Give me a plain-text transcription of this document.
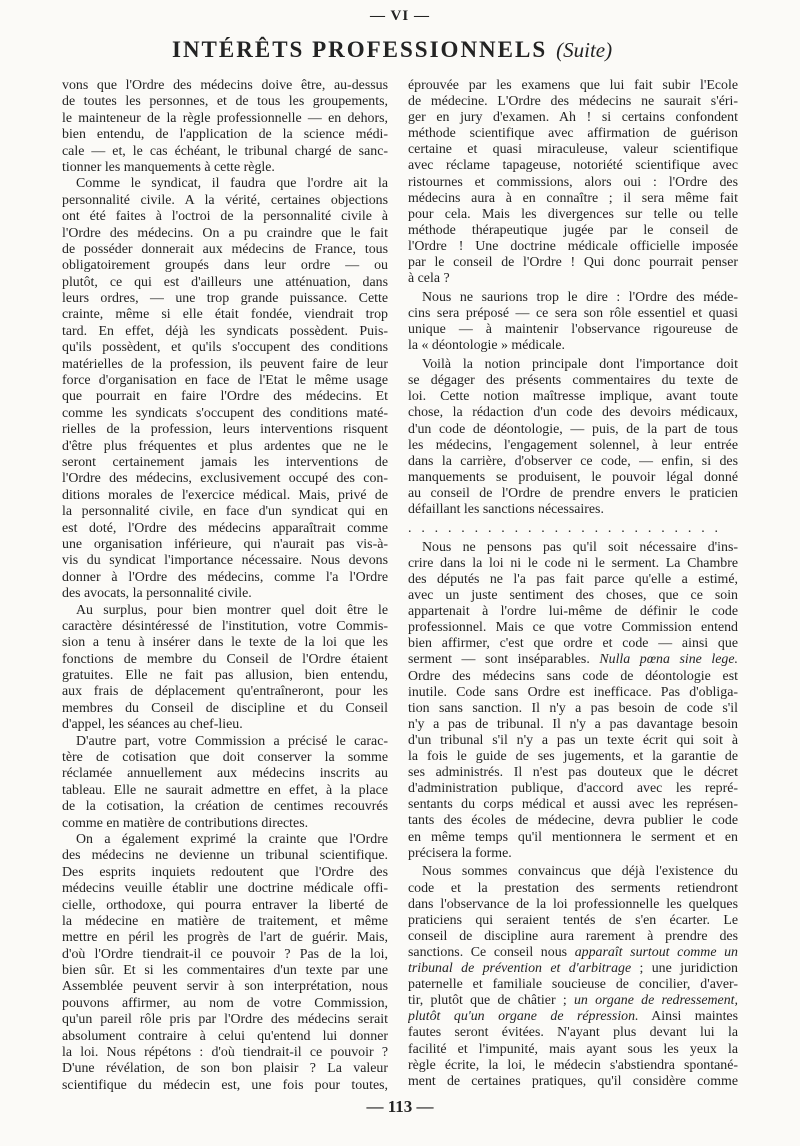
— VI —
INTÉRÊTS PROFESSIONNELS (Suite)
vons que l'Ordre des médecins doive être, au-dessus
de toutes les personnes, et de tous les groupements,
le mainteneur de la règle professionnelle — en dehors,
bien entendu, de l'application de la science médi-
cale — et, le cas échéant, le tribunal chargé de sanc-
tionner les manquements à cette règle.
Comme le syndicat, il faudra que l'ordre ait la
personnalité civile. A la vérité, certaines objections
ont été faites à l'octroi de la personnalité civile à
l'Ordre des médecins. On a pu craindre que le fait
de posséder donnerait aux médecins de France, tous
obligatoirement groupés dans leur ordre — ou
plutôt, ce qui est d'ailleurs une atténuation, dans
leurs ordres, — une trop grande puissance. Cette
crainte, même si elle était fondée, viendrait trop
tard. En effet, déjà les syndicats possèdent. Puis-
qu'ils possèdent, et qu'ils s'occupent des conditions
matérielles de la profession, ils peuvent faire de leur
force d'organisation en face de l'Etat le même usage
que pourrait en faire l'Ordre des médecins. Et
comme les syndicats s'occupent des conditions maté-
rielles de la profession, leurs interventions risquent
d'être plus fréquentes et plus ardentes que ne le
seront certainement jamais les interventions de
l'Ordre des médecins, exclusivement occupé des con-
ditions morales de l'exercice médical. Mais, privé de
la personnalité civile, en face d'un syndicat qui en
est doté, l'Ordre des médecins apparaîtrait comme
une organisation inférieure, qui n'aurait pas vis-à-
vis du syndicat l'importance nécessaire. Nous devons
donner à l'Ordre des médecins, comme l'a l'Ordre
des avocats, la personnalité civile.
Au surplus, pour bien montrer quel doit être le
caractère désintéressé de l'institution, votre Commis-
sion a tenu à insérer dans le texte de la loi que les
fonctions de membre du Conseil de l'Ordre étaient
gratuites. Elle ne fait pas allusion, bien entendu,
aux frais de déplacement qu'entraîneront, pour les
membres du Conseil de discipline et du Conseil
d'appel, les séances au chef-lieu.
D'autre part, votre Commission a précisé le carac-
tère de cotisation que doit conserver la somme
réclamée annuellement aux médecins inscrits au
tableau. Elle ne saurait admettre en effet, à la place
de la cotisation, la création de centimes recouvrés
comme en matière de contributions directes.
On a également exprimé la crainte que l'Ordre
des médecins ne devienne un tribunal scientifique.
Des esprits inquiets redoutent que l'Ordre des
médecins veuille établir une doctrine médicale offi-
cielle, orthodoxe, qui pourra entraver la liberté de
la médecine en matière de traitement, et même
mettre en péril les progrès de l'art de guérir. Mais,
d'où l'Ordre tiendrait-il ce pouvoir ? Pas de la loi,
bien sûr. Et si les commentaires d'un texte par une
Assemblée peuvent servir à son interprétation, nous
pouvons affirmer, au nom de votre Commission,
qu'un pareil rôle pris par l'Ordre des médecins serait
absolument contraire à celui qu'entend lui donner
la loi. Nous répétons : d'où tiendrait-il ce pouvoir ?
D'une révélation, de son bon plaisir ? La valeur
scientifique du médecin est, une fois pour toutes,
éprouvée par les examens que lui fait subir l'Ecole
de médecine. L'Ordre des médecins ne saurait s'éri-
ger en jury d'examen. Ah ! si certains confondent
méthode scientifique avec affirmation de guérison
certaine et quasi miraculeuse, valeur scientifique
avec réclame tapageuse, notoriété scientifique avec
ristournes et commissions, alors oui : l'Ordre des
médecins aura à en connaître ; il sera même fait
pour cela. Mais les divergences sur telle ou telle
méthode thérapeutique jugée par le conseil de
l'Ordre ! Une doctrine médicale officielle imposée
par le conseil de l'Ordre ! Qui donc pourrait penser
à cela ?
Nous ne saurions trop le dire : l'Ordre des méde-
cins sera préposé — ce sera son rôle essentiel et quasi
unique — à maintenir l'observance rigoureuse de
la « déontologie » médicale.
Voilà la notion principale dont l'importance doit
se dégager des présents commentaires du texte de
loi. Cette notion maîtresse implique, avant toute
chose, la rédaction d'un code des devoirs médicaux,
d'un code de déontologie, — puis, de la part de tous
les médecins, l'engagement solennel, à leur entrée
dans la carrière, d'observer ce code, — enfin, si des
manquements se produisent, le pouvoir légal donné
au conseil de l'Ordre de prendre envers le praticien
défaillant les sanctions nécessaires.
. . . . . . . . . . . . . . . . . . . . . . . .
Nous ne pensons pas qu'il soit nécessaire d'ins-
crire dans la loi ni le code ni le serment. La Chambre
des députés ne l'a pas fait parce qu'elle a estimé,
avec un juste sentiment des choses, que ce soin
appartenait à l'ordre lui-même de définir le code
professionnel. Mais ce que votre Commission entend
bien affirmer, c'est que ordre et code — ainsi que
serment — sont inséparables. Nulla pœna sine lege.
Ordre des médecins sans code de déontologie est
inutile. Code sans Ordre est inefficace. Pas d'obliga-
tion sans sanction. Il n'y a pas besoin de code s'il
n'y a pas de tribunal. Il n'y a pas davantage besoin
d'un tribunal s'il n'y a pas un texte écrit qui soit à
la fois le guide de ses jugements, et la garantie de
ses administrés. Il n'est pas douteux que le décret
d'administration publique, d'accord avec les repré-
sentants du corps médical et aussi avec les représen-
tants des écoles de médecine, devra publier le code
en même temps qu'il mentionnera le serment et en
précisera la forme.
Nous sommes convaincus que déjà l'existence du
code et la prestation des serments retiendront
dans l'observance de la loi professionnelle les quelques
praticiens qui seraient tentés de s'en écarter. Le
conseil de discipline aura rarement à prendre des
sanctions. Ce conseil nous apparaît surtout comme un
tribunal de prévention et d'arbitrage ; une juridiction
paternelle et familiale soucieuse de concilier, d'aver-
tir, plutôt que de châtier ; un organe de redressement,
plutôt qu'un organe de répression. Ainsi maintes
fautes seront évitées. N'ayant plus devant lui la
facilité et l'impunité, mais ayant sous les yeux la
règle écrite, la loi, le médecin s'abstiendra spontané-
ment de certaines pratiques, qu'il considère comme
— 113 —
